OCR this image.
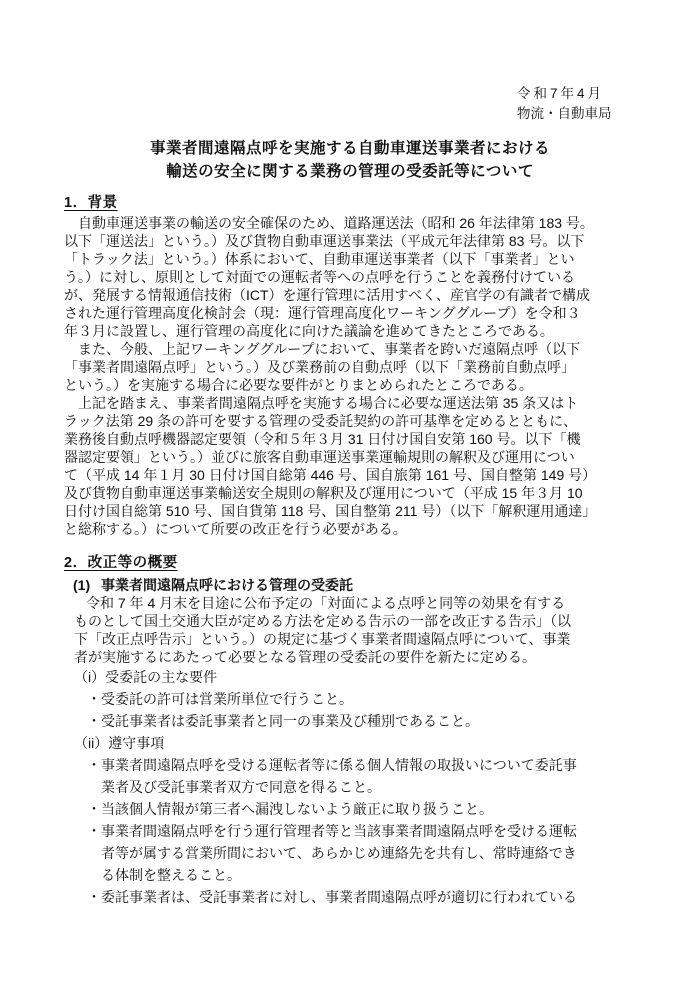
令和7年4月
物流・自動車局
事業者間遠隔点呼を実施する自動車運送事業者における
輸送の安全に関する業務の管理の受委託等について
1．背景
自動車運送事業の輸送の安全確保のため、道路運送法（昭和 26 年法律第 183 号。
以下「運送法」という。）及び貨物自動車運送事業法（平成元年法律第 83 号。以下
「トラック法」という。）体系において、自動車運送事業者（以下「事業者」とい
う。）に対し、原則として対面での運転者等への点呼を行うことを義務付けている
が、発展する情報通信技術（ICT）を運行管理に活用すべく、産官学の有識者で構成
された運行管理高度化検討会（現：運行管理高度化ワーキンググループ）を令和３
年３月に設置し、運行管理の高度化に向けた議論を進めてきたところである。
また、今般、上記ワーキンググループにおいて、事業者を跨いだ遠隔点呼（以下
「事業者間遠隔点呼」という。）及び業務前の自動点呼（以下「業務前自動点呼」
という。）を実施する場合に必要な要件がとりまとめられたところである。
上記を踏まえ、事業者間遠隔点呼を実施する場合に必要な運送法第 35 条又はト
ラック法第 29 条の許可を要する管理の受委託契約の許可基準を定めるとともに、
業務後自動点呼機器認定要領（令和５年３月 31 日付け国自安第 160 号。以下「機
器認定要領」という。）並びに旅客自動車運送事業運輸規則の解釈及び運用につい
て（平成 14 年１月 30 日付け国自総第 446 号、国自旅第 161 号、国自整第 149 号）
及び貨物自動車運送事業輸送安全規則の解釈及び運用について（平成 15 年３月 10
日付け国自総第 510 号、国自貨第 118 号、国自整第 211 号）（以下「解釈運用通達」
と総称する。）について所要の改正を行う必要がある。
2．改正等の概要
(1) 事業者間遠隔点呼における管理の受委託
令和 7 年 4 月末を目途に公布予定の「対面による点呼と同等の効果を有する
ものとして国土交通大臣が定める方法を定める告示の一部を改正する告示」（以
下「改正点呼告示」という。）の規定に基づく事業者間遠隔点呼について、事業
者が実施するにあたって必要となる管理の受委託の要件を新たに定める。
（i）受委託の主な要件
・受委託の許可は営業所単位で行うこと。
・受託事業者は委託事業者と同一の事業及び種別であること。
（ii）遵守事項
・事業者間遠隔点呼を受ける運転者等に係る個人情報の取扱いについて委託事
業者及び受託事業者双方で同意を得ること。
・当該個人情報が第三者へ漏洩しないよう厳正に取り扱うこと。
・事業者間遠隔点呼を行う運行管理者等と当該事業者間遠隔点呼を受ける運転
者等が属する営業所間において、あらかじめ連絡先を共有し、常時連絡でき
る体制を整えること。
・委託事業者は、受託事業者に対し、事業者間遠隔点呼が適切に行われている
